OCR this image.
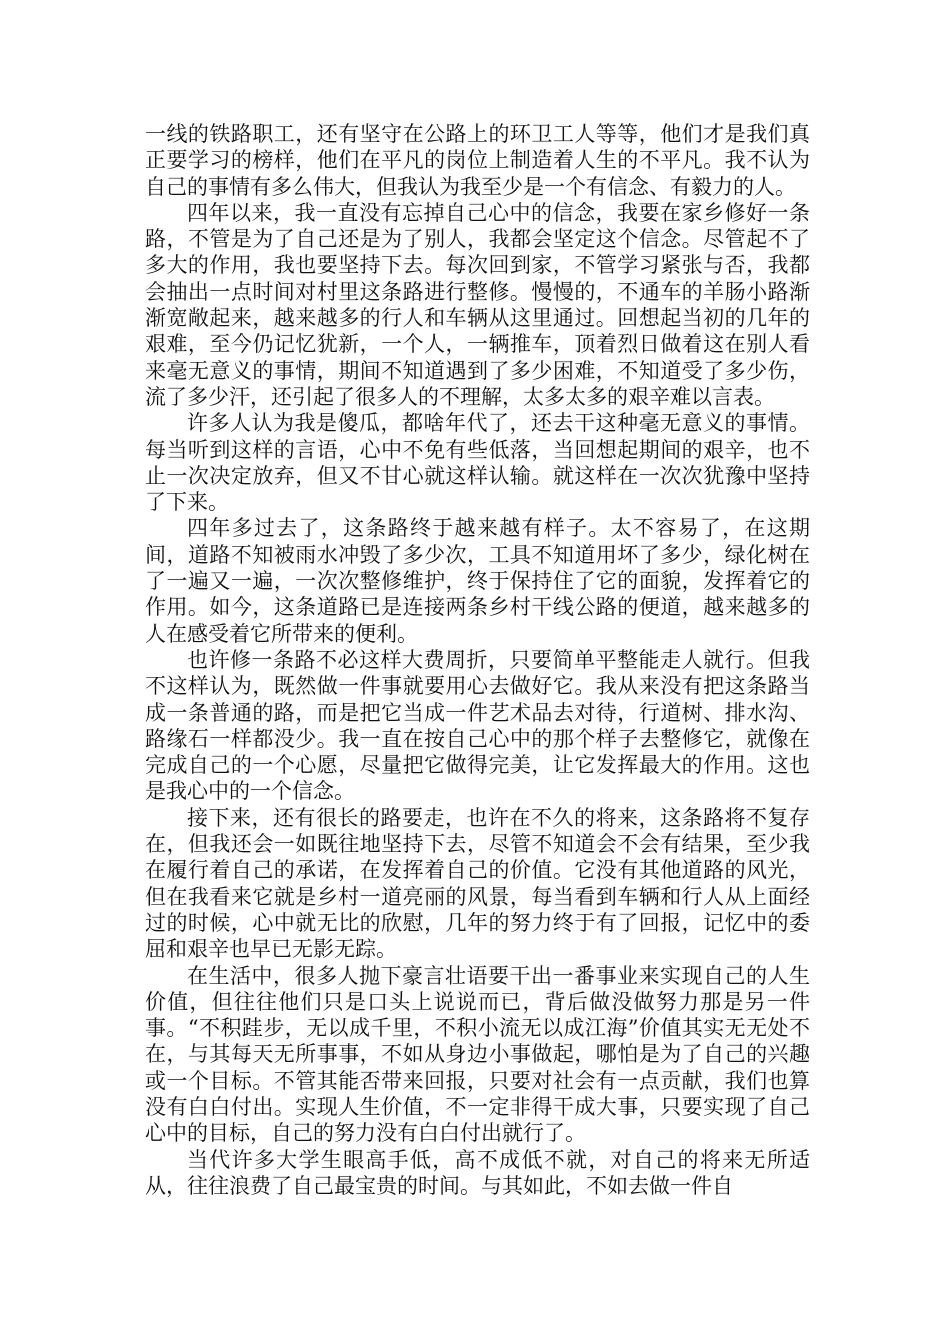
一线的铁路职工，还有坚守在公路上的环卫工人等等，他们才是我们真正要学习的榜样，他们在平凡的岗位上制造着人生的不平凡。我不认为自己的事情有多么伟大，但我认为我至少是一个有信念、有毅力的人。

四年以来，我一直没有忘掉自己心中的信念，我要在家乡修好一条路，不管是为了自己还是为了别人，我都会坚定这个信念。尽管起不了多大的作用，我也要坚持下去。每次回到家，不管学习紧张与否，我都会抽出一点时间对村里这条路进行整修。慢慢的，不通车的羊肠小路渐渐宽敞起来，越来越多的行人和车辆从这里通过。回想起当初的几年的艰难，至今仍记忆犹新，一个人，一辆推车，顶着烈日做着这在别人看来毫无意义的事情，期间不知道遇到了多少困难，不知道受了多少伤，流了多少汗，还引起了很多人的不理解，太多太多的艰辛难以言表。

许多人认为我是傻瓜，都啥年代了，还去干这种毫无意义的事情。每当听到这样的言语，心中不免有些低落，当回想起期间的艰辛，也不止一次决定放弃，但又不甘心就这样认输。就这样在一次次犹豫中坚持了下来。

四年多过去了，这条路终于越来越有样子。太不容易了，在这期间，道路不知被雨水冲毁了多少次，工具不知道用坏了多少，绿化树在了一遍又一遍，一次次整修维护，终于保持住了它的面貌，发挥着它的作用。如今，这条道路已是连接两条乡村干线公路的便道，越来越多的人在感受着它所带来的便利。

也许修一条路不必这样大费周折，只要简单平整能走人就行。但我不这样认为，既然做一件事就要用心去做好它。我从来没有把这条路当成一条普通的路，而是把它当成一件艺术品去对待，行道树、排水沟、路缘石一样都没少。我一直在按自己心中的那个样子去整修它，就像在完成自己的一个心愿，尽量把它做得完美，让它发挥最大的作用。这也是我心中的一个信念。

接下来，还有很长的路要走，也许在不久的将来，这条路将不复存在，但我还会一如既往地坚持下去，尽管不知道会不会有结果，至少我在履行着自己的承诺，在发挥着自己的价值。它没有其他道路的风光，但在我看来它就是乡村一道亮丽的风景，每当看到车辆和行人从上面经过的时候，心中就无比的欣慰，几年的努力终于有了回报，记忆中的委屈和艰辛也早已无影无踪。

在生活中，很多人抛下豪言壮语要干出一番事业来实现自己的人生价值，但往往他们只是口头上说说而已，背后做没做努力那是另一件事。“不积跬步，无以成千里，不积小流无以成江海”价值其实无无处不在，与其每天无所事事，不如从身边小事做起，哪怕是为了自己的兴趣或一个目标。不管其能否带来回报，只要对社会有一点贡献，我们也算没有白白付出。实现人生价值，不一定非得干成大事，只要实现了自己心中的目标，自己的努力没有白白付出就行了。

当代许多大学生眼高手低，高不成低不就，对自己的将来无所适从，往往浪费了自己最宝贵的时间。与其如此，不如去做一件自
